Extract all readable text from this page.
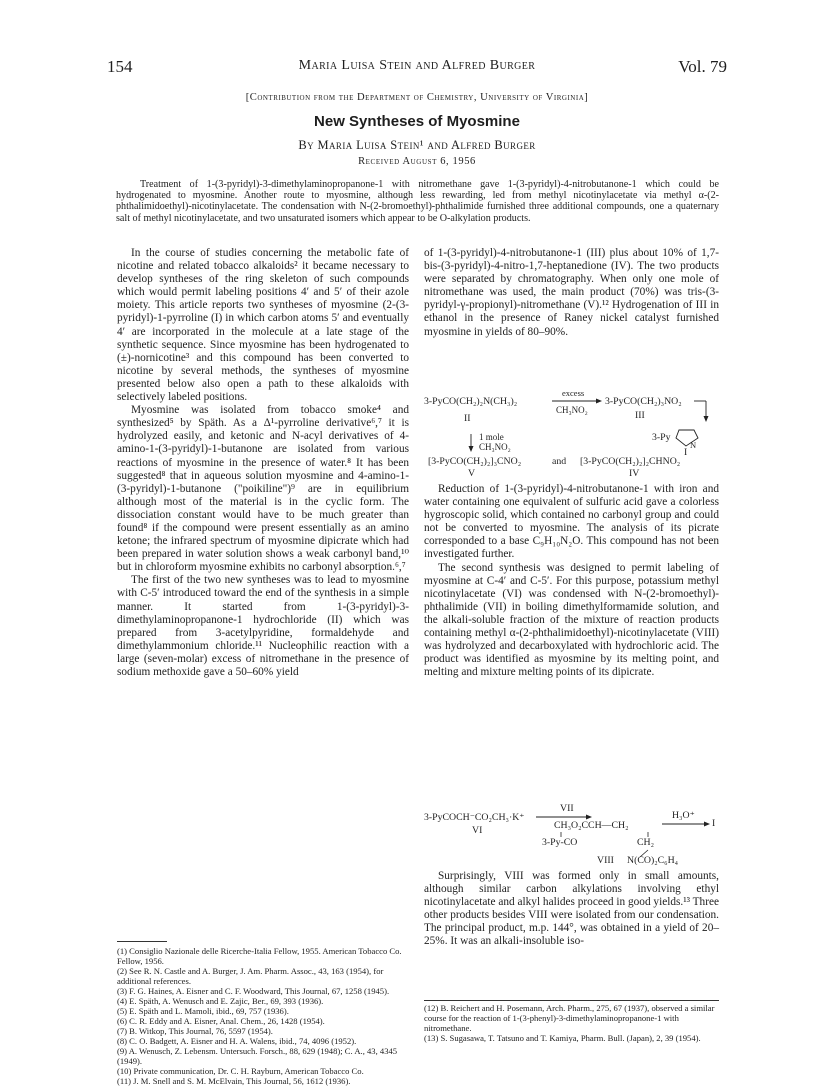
154	Maria Luisa Stein and Alfred Burger	Vol. 79
[Contribution from the Department of Chemistry, University of Virginia]
New Syntheses of Myosmine
By Maria Luisa Stein¹ and Alfred Burger
Received August 6, 1956
Treatment of 1-(3-pyridyl)-3-dimethylaminopropanone-1 with nitromethane gave 1-(3-pyridyl)-4-nitrobutanone-1 which could be hydrogenated to myosmine. Another route to myosmine, although less rewarding, led from methyl nicotinylacetate via methyl α-(2-phthalimidoethyl)-nicotinylacetate. The condensation with N-(2-bromoethyl)-phthalimide furnished three additional compounds, one a quaternary salt of methyl nicotinylacetate, and two unsaturated isomers which appear to be O-alkylation products.

In the course of studies concerning the metabolic fate of nicotine and related tobacco alkaloids² it became necessary to develop syntheses of the ring skeleton of such compounds which would permit labeling positions 4′ and 5′ of their azole moiety. This article reports two syntheses of myosmine (2-(3-pyridyl)-1-pyrroline (I) in which carbon atoms 5′ and eventually 4′ are incorporated in the molecule at a late stage of the synthetic sequence. Since myosmine has been hydrogenated to (±)-nornicotine³ and this compound has been converted to nicotine by several methods, the syntheses of myosmine presented below also open a path to these alkaloids with selectively labeled positions.

Myosmine was isolated from tobacco smoke⁴ and synthesized⁵ by Späth. As a Δ¹-pyrroline derivative⁶,⁷ it is hydrolyzed easily, and ketonic and N-acyl derivatives of 4-amino-1-(3-pyridyl)-1-butanone are isolated from various reactions of myosmine in the presence of water.⁸ It has been suggested⁸ that in aqueous solution myosmine and 4-amino-1-(3-pyridyl)-1-butanone ("poikiline")⁹ are in equilibrium although most of the material is in the cyclic form. The dissociation constant would have to be much greater than found⁸ if the compound were present essentially as an amino ketone; the infrared spectrum of myosmine dipicrate which had been prepared in water solution shows a weak carbonyl band,¹⁰ but in chloroform myosmine exhibits no carbonyl absorption.⁶,⁷

The first of the two new syntheses was to lead to myosmine with C-5′ introduced toward the end of the synthesis in a simple manner. It started from 1-(3-pyridyl)-3-dimethylaminopropanone-1 hydrochloride (II) which was prepared from 3-acetylpyridine, formaldehyde and dimethylammonium chloride.¹¹ Nucleophilic reaction with a large (seven-molar) excess of nitromethane in the presence of sodium methoxide gave a 50–60% yield

(1) Consiglio Nazionale delle Ricerche-Italia Fellow, 1955. American Tobacco Co. Fellow, 1956.

(2) See R. N. Castle and A. Burger, J. Am. Pharm. Assoc., 43, 163 (1954), for additional references.

(3) F. G. Haines, A. Eisner and C. F. Woodward, This Journal, 67, 1258 (1945).

(4) E. Späth, A. Wenusch and E. Zajic, Ber., 69, 393 (1936).

(5) E. Späth and L. Mamoli, ibid., 69, 757 (1936).

(6) C. R. Eddy and A. Eisner, Anal. Chem., 26, 1428 (1954).

(7) B. Witkop, This Journal, 76, 5597 (1954).

(8) C. O. Badgett, A. Eisner and H. A. Walens, ibid., 74, 4096 (1952).

(9) A. Wenusch, Z. Lebensm. Untersuch. Forsch., 88, 629 (1948); C. A., 43, 4345 (1949).

(10) Private communication, Dr. C. H. Rayburn, American Tobacco Co.

(11) J. M. Snell and S. M. McElvain, This Journal, 56, 1612 (1936).

of 1-(3-pyridyl)-4-nitrobutanone-1 (III) plus about 10% of 1,7-bis-(3-pyridyl)-4-nitro-1,7-heptanedione (IV). The two products were separated by chromatography. When only one mole of nitromethane was used, the main product (70%) was tris-(3-pyridyl-γ-propionyl)-nitromethane (V).¹² Hydrogenation of III in ethanol in the presence of Raney nickel catalyst furnished myosmine in yields of 80–90%.

3-PyCO(CH₂)₂N(CH₃)₂
II
excess
CH₃NO₂
3-PyCO(CH₂)₃NO₂
III
1 mole
CH₃NO₂
3-Py
N
I
[3-PyCO(CH₂)₂]₃CNO₂
V
and [3-PyCO(CH₂)₂]₂CHNO₂
IV

Reduction of 1-(3-pyridyl)-4-nitrobutanone-1 with iron and water containing one equivalent of sulfuric acid gave a colorless hygroscopic solid, which contained no carbonyl group and could not be converted to myosmine. The analysis of its picrate corresponded to a base C₉H₁₀N₂O. This compound has not been investigated further.

The second synthesis was designed to permit labeling of myosmine at C-4′ and C-5′. For this purpose, potassium methyl nicotinylacetate (VI) was condensed with N-(2-bromoethyl)-phthalimide (VII) in boiling dimethylformamide solution, and the alkali-soluble fraction of the mixture of reaction products containing methyl α-(2-phthalimidoethyl)-nicotinylacetate (VIII) was hydrolyzed and decarboxylated with hydrochloric acid. The product was identified as myosmine by its melting point, and melting and mixture melting points of its dipicrate.

3-PyCOCH⁻CO₂CH₃·K⁺
VI
VII
CH₃O₂CCH—CH₂
3-Py-CO	CH₂
VIII N(CO)₂C₆H₄
H₃O⁺
I

Surprisingly, VIII was formed only in small amounts, although similar carbon alkylations involving ethyl nicotinylacetate and alkyl halides proceed in good yields.¹³ Three other products besides VIII were isolated from our condensation. The principal product, m.p. 144°, was obtained in a yield of 20–25%. It was an alkali-insoluble iso-

(12) B. Reichert and H. Posemann, Arch. Pharm., 275, 67 (1937), observed a similar course for the reaction of 1-(3-phenyl)-3-dimethylaminopropanone-1 with nitromethane.

(13) S. Sugasawa, T. Tatsuno and T. Kamiya, Pharm. Bull. (Japan), 2, 39 (1954).
